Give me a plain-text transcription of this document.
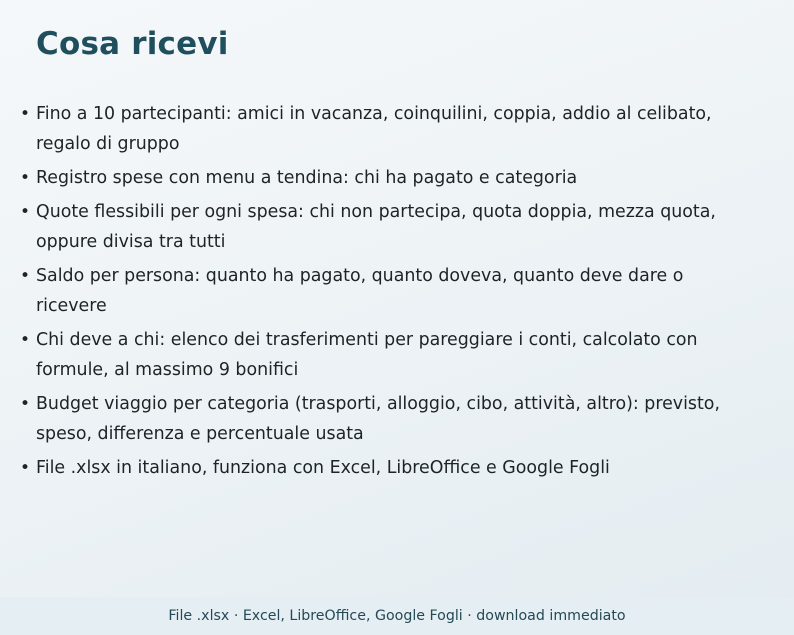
Cosa ricevi
• Fino a 10 partecipanti: amici in vacanza, coinquilini, coppia, addio al celibato, regalo di gruppo
• Registro spese con menu a tendina: chi ha pagato e categoria
• Quote flessibili per ogni spesa: chi non partecipa, quota doppia, mezza quota, oppure divisa tra tutti
• Saldo per persona: quanto ha pagato, quanto doveva, quanto deve dare o ricevere
• Chi deve a chi: elenco dei trasferimenti per pareggiare i conti, calcolato con formule, al massimo 9 bonifici
• Budget viaggio per categoria (trasporti, alloggio, cibo, attività, altro): previsto, speso, differenza e percentuale usata
• File .xlsx in italiano, funziona con Excel, LibreOffice e Google Fogli
File .xlsx · Excel, LibreOffice, Google Fogli · download immediato
